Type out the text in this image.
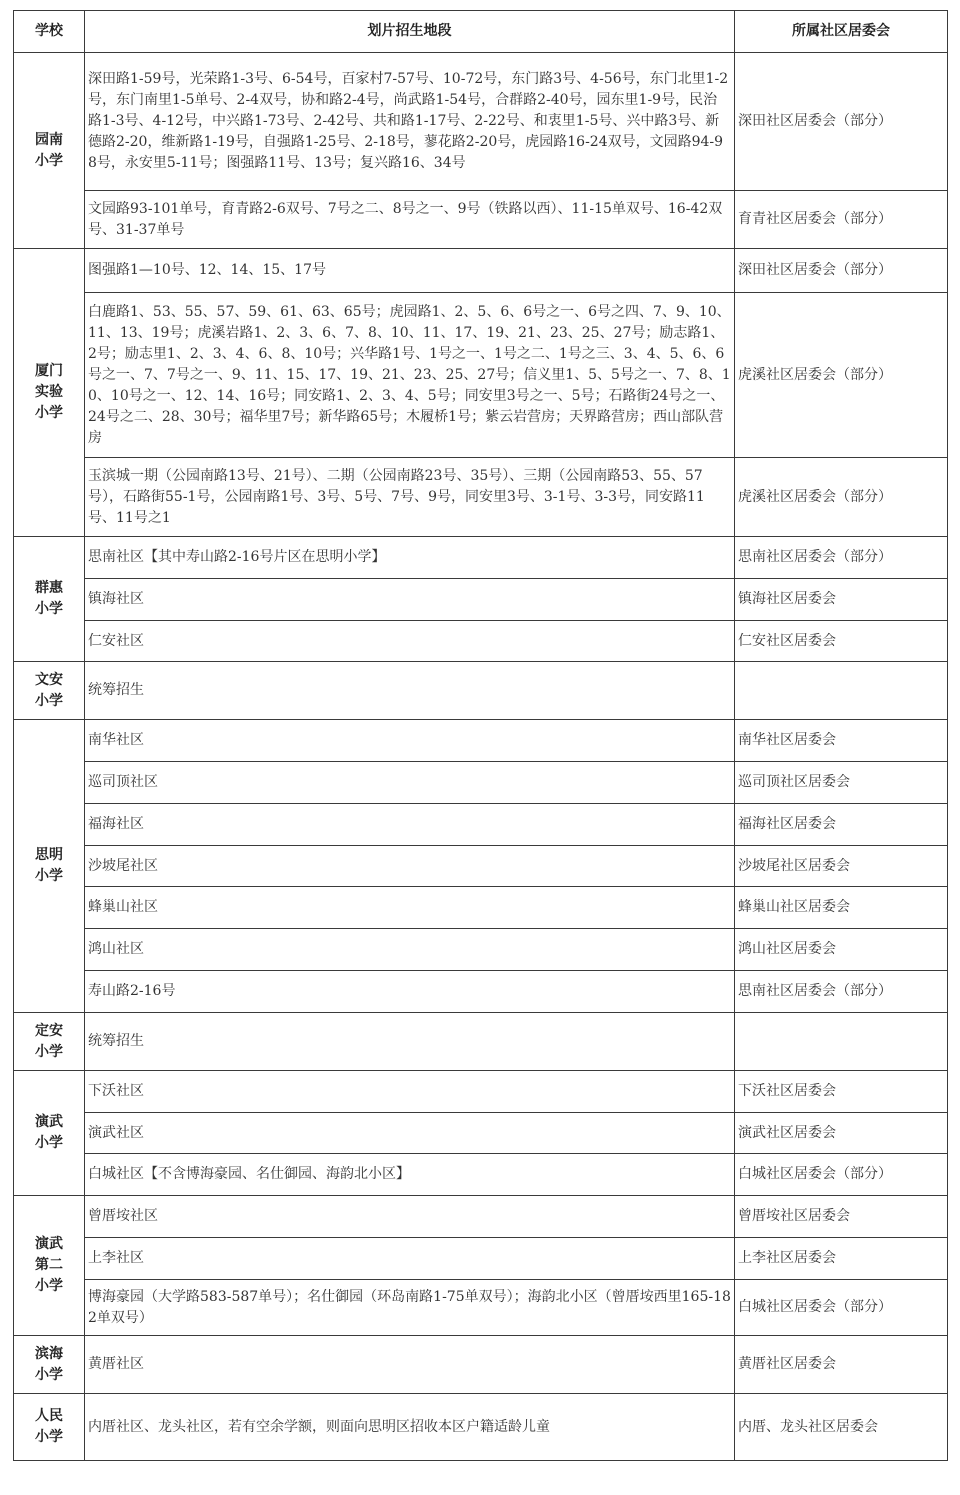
学校	划片招生地段	所属社区居委会

园南
小学	深田路1-59号，光荣路1-3号、6-54号，百家村7-57号、10-72号，东门路3号、4-56号，东门北里1-2号，东门南里1-5单号、2-4双号，协和路2-4号，尚武路1-54号，合群路2-40号，园东里1-9号，民治路1-3号、4-12号，中兴路1-73号、2-42号、共和路1-17号、2-22号、和衷里1-5号、兴中路3号、新德路2-20，维新路1-19号，自强路1-25号、2-18号，蓼花路2-20号，虎园路16-24双号，文园路94-98号，永安里5-11号；图强路11号、13号；复兴路16、34号	深田社区居委会（部分）
	文园路93-101单号，育青路2-6双号、7号之二、8号之一、9号（铁路以西）、11-15单双号、16-42双号、31-37单号	育青社区居委会（部分）

厦门
实验
小学	图强路1—10号、12、14、15、17号	深田社区居委会（部分）
	白鹿路1、53、55、57、59、61、63、65号；虎园路1、2、5、6、6号之一、6号之四、7、9、10、11、13、19号；虎溪岩路1、2、3、6、7、8、10、11、17、19、21、23、25、27号；励志路1、2号；励志里1、2、3、4、6、8、10号；兴华路1号、1号之一、1号之二、1号之三、3、4、5、6、6号之一、7、7号之一、9、11、15、17、19、21、23、25、27号；信义里1、5、5号之一、7、8、10、10号之一、12、14、16号；同安路1、2、3、4、5号；同安里3号之一、5号；石路街24号之一、24号之二、28、30号；福华里7号；新华路65号；木履桥1号；紫云岩营房；天界路营房；西山部队营房	虎溪社区居委会（部分）
	玉滨城一期（公园南路13号、21号）、二期（公园南路23号、35号）、三期（公园南路53、55、57号），石路街55-1号，公园南路1号、3号、5号、7号、9号，同安里3号、3-1号、3-3号，同安路11号、11号之1	虎溪社区居委会（部分）

群惠
小学	思南社区【其中寿山路2-16号片区在思明小学】	思南社区居委会（部分）
	镇海社区	镇海社区居委会
	仁安社区	仁安社区居委会

文安
小学	统筹招生	

思明
小学	南华社区	南华社区居委会
	巡司顶社区	巡司顶社区居委会
	福海社区	福海社区居委会
	沙坡尾社区	沙坡尾社区居委会
	蜂巢山社区	蜂巢山社区居委会
	鸿山社区	鸿山社区居委会
	寿山路2-16号	思南社区居委会（部分）

定安
小学	统筹招生	

演武
小学	下沃社区	下沃社区居委会
	演武社区	演武社区居委会
	白城社区【不含博海豪园、名仕御园、海韵北小区】	白城社区居委会（部分）

演武
第二
小学	曾厝垵社区	曾厝垵社区居委会
	上李社区	上李社区居委会
	博海豪园（大学路583-587单号）；名仕御园（环岛南路1-75单双号）；海韵北小区（曾厝垵西里165-182单双号）	白城社区居委会（部分）

滨海
小学	黄厝社区	黄厝社区居委会

人民
小学	内厝社区、龙头社区，若有空余学额，则面向思明区招收本区户籍适龄儿童	内厝、龙头社区居委会
